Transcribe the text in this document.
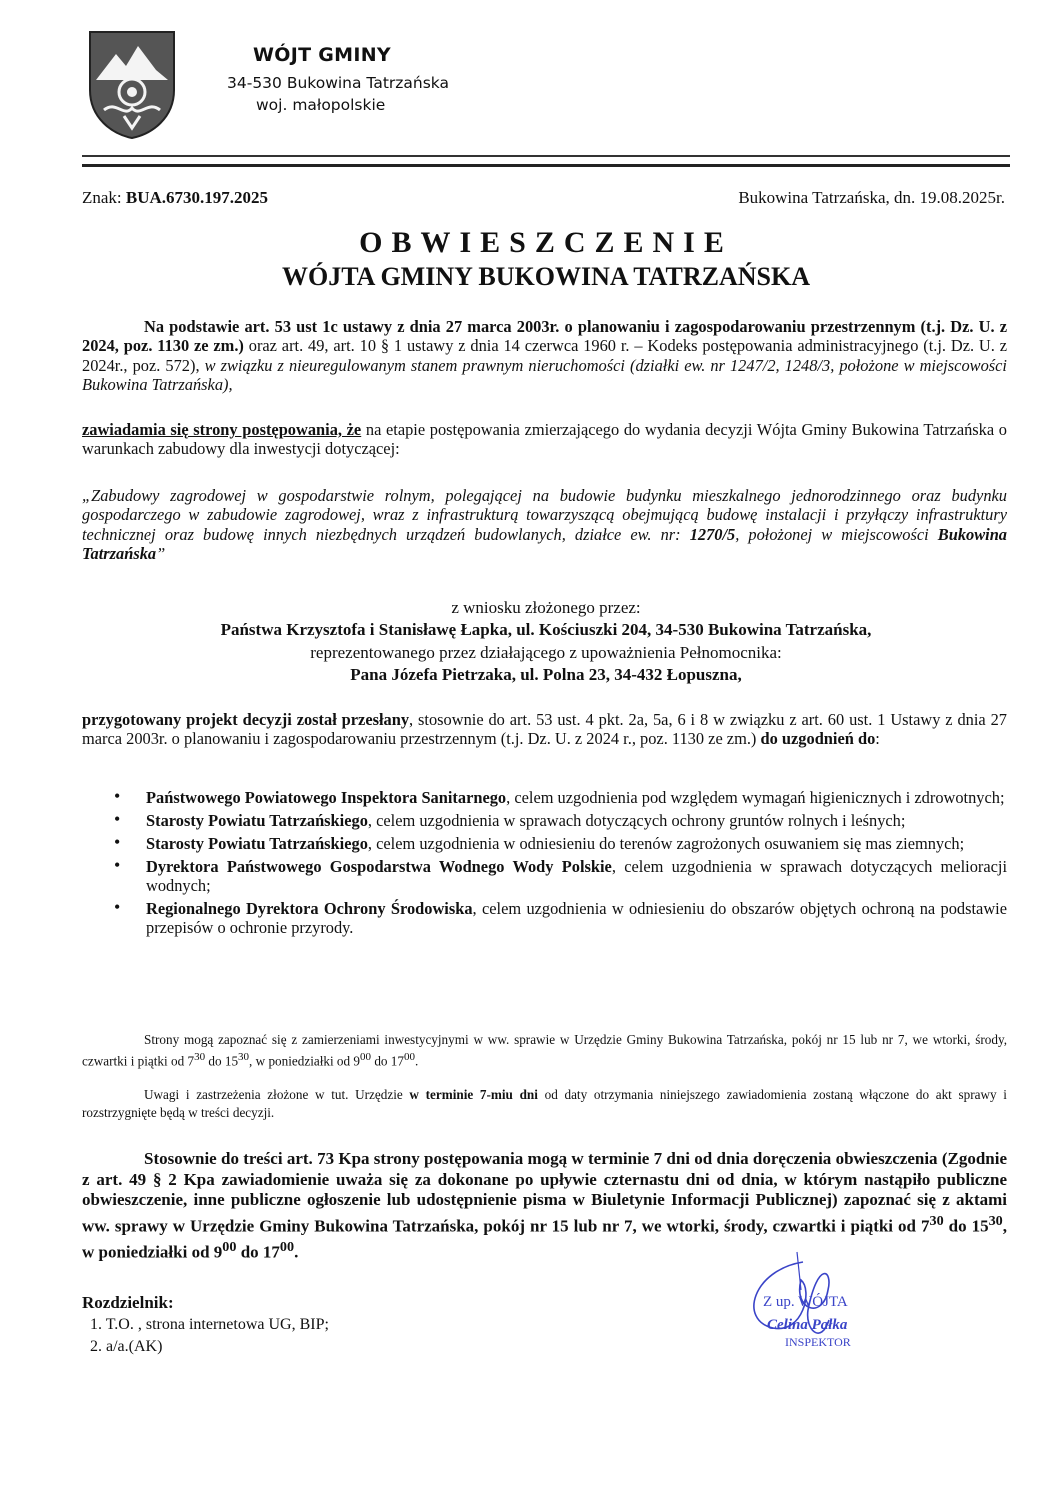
WÓJT GMINY
34-530 Bukowina Tatrzańska
woj. małopolskie
Znak: BUA.6730.197.2025	Bukowina Tatrzańska, dn. 19.08.2025r.
OBWIESZCZENIE
WÓJTA GMINY BUKOWINA TATRZAŃSKA
Na podstawie art. 53 ust 1c ustawy z dnia 27 marca 2003r. o planowaniu i zagospodarowaniu przestrzennym (t.j. Dz. U. z 2024, poz. 1130 ze zm.) oraz art. 49, art. 10 § 1 ustawy z dnia 14 czerwca 1960 r. – Kodeks postępowania administracyjnego (t.j. Dz. U. z 2024r., poz. 572), w związku z nieuregulowanym stanem prawnym nieruchomości (działki ew. nr 1247/2, 1248/3, położone w miejscowości Bukowina Tatrzańska),
zawiadamia się strony postępowania, że na etapie postępowania zmierzającego do wydania decyzji Wójta Gminy Bukowina Tatrzańska o warunkach zabudowy dla inwestycji dotyczącej:
„Zabudowy zagrodowej w gospodarstwie rolnym, polegającej na budowie budynku mieszkalnego jednorodzinnego oraz budynku gospodarczego w zabudowie zagrodowej, wraz z infrastrukturą towarzyszącą obejmującą budowę instalacji i przyłączy infrastruktury technicznej oraz budowę innych niezbędnych urządzeń budowlanych, działce ew. nr: 1270/5, położonej w miejscowości Bukowina Tatrzańska”
z wniosku złożonego przez:
Państwa Krzysztofa i Stanisławę Łapka, ul. Kościuszki 204, 34-530 Bukowina Tatrzańska,
reprezentowanego przez działającego z upoważnienia Pełnomocnika:
Pana Józefa Pietrzaka, ul. Polna 23, 34-432 Łopuszna,
przygotowany projekt decyzji został przesłany, stosownie do art. 53 ust. 4 pkt. 2a, 5a, 6 i 8 w związku z art. 60 ust. 1 Ustawy z dnia 27 marca 2003r. o planowaniu i zagospodarowaniu przestrzennym (t.j. Dz. U. z 2024 r., poz. 1130 ze zm.) do uzgodnień do:
• Państwowego Powiatowego Inspektora Sanitarnego, celem uzgodnienia pod względem wymagań higienicznych i zdrowotnych;
• Starosty Powiatu Tatrzańskiego, celem uzgodnienia w sprawach dotyczących ochrony gruntów rolnych i leśnych;
• Starosty Powiatu Tatrzańskiego, celem uzgodnienia w odniesieniu do terenów zagrożonych osuwaniem się mas ziemnych;
• Dyrektora Państwowego Gospodarstwa Wodnego Wody Polskie, celem uzgodnienia w sprawach dotyczących melioracji wodnych;
• Regionalnego Dyrektora Ochrony Środowiska, celem uzgodnienia w odniesieniu do obszarów objętych ochroną na podstawie przepisów o ochronie przyrody.
Strony mogą zapoznać się z zamierzeniami inwestycyjnymi w ww. sprawie w Urzędzie Gminy Bukowina Tatrzańska, pokój nr 15 lub nr 7, we wtorki, środy, czwartki i piątki od $7^{30}$ do $15^{30}$, w poniedziałki od $9^{00}$ do $17^{00}$.
Uwagi i zastrzeżenia złożone w tut. Urzędzie w terminie 7-miu dni od daty otrzymania niniejszego zawiadomienia zostaną włączone do akt sprawy i rozstrzygnięte będą w treści decyzji.
Stosownie do treści art. 73 Kpa strony postępowania mogą w terminie 7 dni od dnia doręczenia obwieszczenia (Zgodnie z art. 49 § 2 Kpa zawiadomienie uważa się za dokonane po upływie czternastu dni od dnia, w którym nastąpiło publiczne obwieszczenie, inne publiczne ogłoszenie lub udostępnienie pisma w Biuletynie Informacji Publicznej) zapoznać się z aktami ww. sprawy w Urzędzie Gminy Bukowina Tatrzańska, pokój nr 15 lub nr 7, we wtorki, środy, czwartki i piątki od $7^{30}$ do $15^{30}$, w poniedziałki od $9^{00}$ do $17^{00}$.
Rozdzielnik:
1. T.O. , strona internetowa UG, BIP;
2. a/a.(AK)
Z up. WÓJTA
Celina Pałka
INSPEKTOR
